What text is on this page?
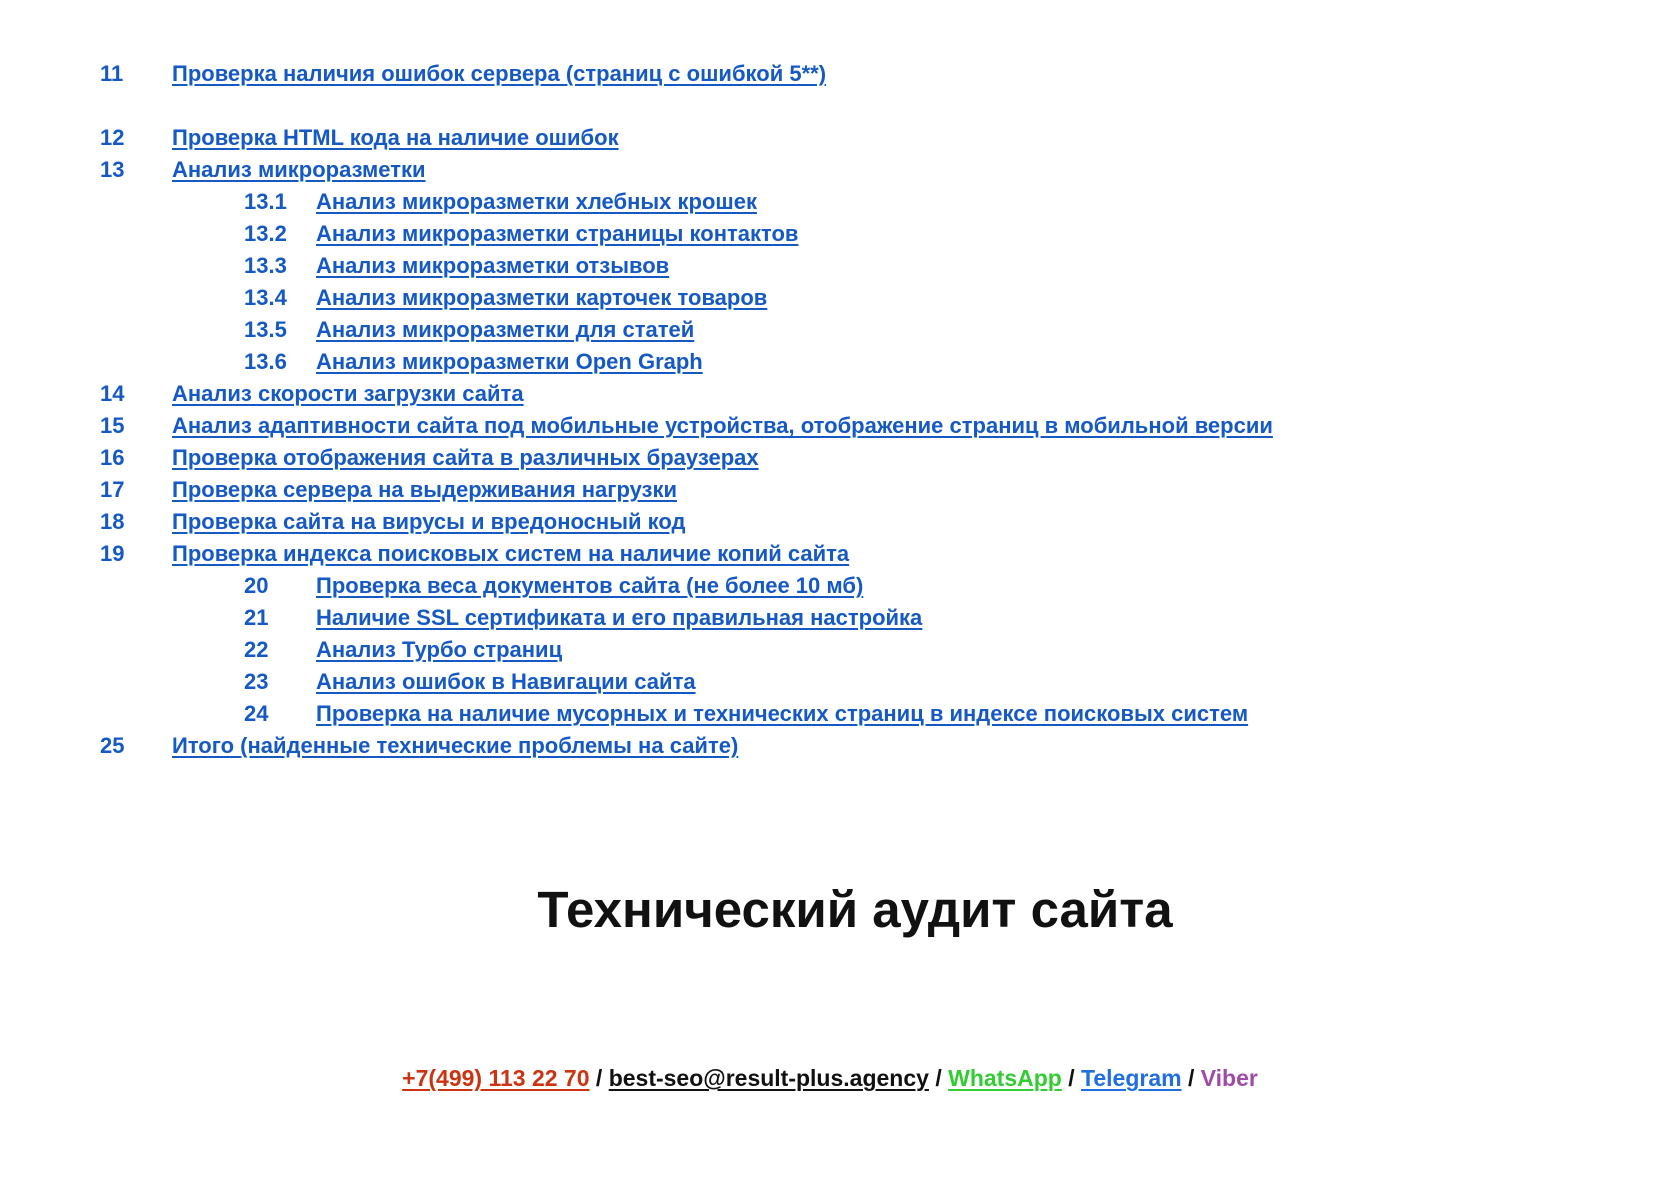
11 Проверка наличия ошибок сервера (страниц с ошибкой 5**)
12 Проверка HTML кода на наличие ошибок
13 Анализ микроразметки
13.1 Анализ микроразметки хлебных крошек
13.2 Анализ микроразметки страницы контактов
13.3 Анализ микроразметки отзывов
13.4 Анализ микроразметки карточек товаров
13.5 Анализ микроразметки для статей
13.6 Анализ микроразметки Open Graph
14 Анализ скорости загрузки сайта
15 Анализ адаптивности сайта под мобильные устройства, отображение страниц в мобильной версии
16 Проверка отображения сайта в различных браузерах
17 Проверка сервера на выдерживания нагрузки
18 Проверка сайта на вирусы и вредоносный код
19 Проверка индекса поисковых систем на наличие копий сайта
20 Проверка веса документов сайта (не более 10 мб)
21 Наличие SSL сертификата и его правильная настройка
22 Анализ Турбо страниц
23 Анализ ошибок в Навигации сайта
24 Проверка на наличие мусорных и технических страниц в индексе поисковых систем
25 Итого (найденные технические проблемы на сайте)
Технический аудит сайта
+7(499) 113 22 70 / best-seo@result-plus.agency / WhatsApp / Telegram / Viber
